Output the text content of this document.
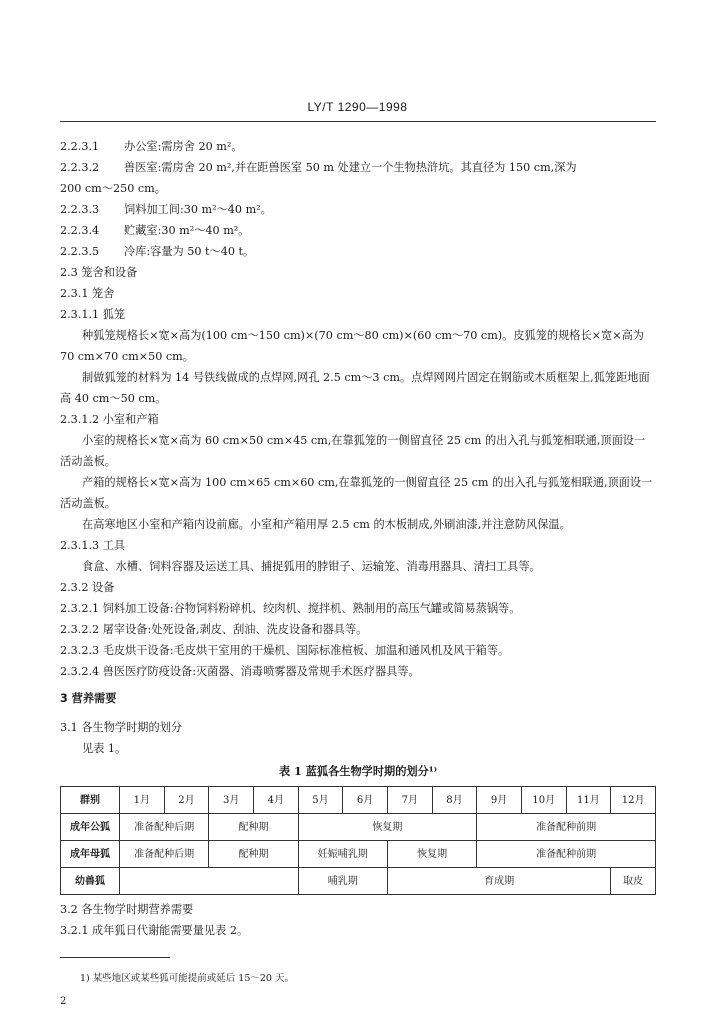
LY/T 1290—1998
2.2.3.1 办公室:需房舍 20 m²。
2.2.3.2 兽医室:需房舍 20 m²,并在距兽医室 50 m 处建立一个生物热浒坑。其直径为 150 cm,深为
200 cm～250 cm。
2.2.3.3 饲料加工间:30 m²～40 m²。
2.2.3.4 贮藏室:30 m²～40 m²。
2.2.3.5 冷库:容量为 50 t～40 t。
2.3 笼舍和设备
2.3.1 笼舍
2.3.1.1 狐笼
种狐笼规格长×宽×高为(100 cm～150 cm)×(70 cm～80 cm)×(60 cm～70 cm)。皮狐笼的规格长×宽×高为 70 cm×70 cm×50 cm。
制做狐笼的材料为 14 号铁线做成的点焊网,网孔 2.5 cm～3 cm。点焊网网片固定在钢筋或木质框架上,狐笼距地面高 40 cm～50 cm。
2.3.1.2 小室和产箱
小室的规格长×宽×高为 60 cm×50 cm×45 cm,在靠狐笼的一侧留直径 25 cm 的出入孔与狐笼相联通,顶面设一活动盖板。
产箱的规格长×宽×高为 100 cm×65 cm×60 cm,在靠狐笼的一侧留直径 25 cm 的出入孔与狐笼相联通,顶面设一活动盖板。
在高寒地区小室和产箱内设前廊。小室和产箱用厚 2.5 cm 的木板制成,外刷油漆,并注意防风保温。
2.3.1.3 工具
食盒、水槽、饲料容器及运送工具、捕捉狐用的脖钳子、运输笼、消毒用器具、清扫工具等。
2.3.2 设备
2.3.2.1 饲料加工设备:谷物饲料粉碎机、绞肉机、搅拌机、熟制用的高压气罐或简易蒸锅等。
2.3.2.2 屠宰设备:处死设备,剥皮、刮油、洗皮设备和器具等。
2.3.2.3 毛皮烘干设备:毛皮烘干室用的干燥机、国际标准楦板、加温和通风机及风干箱等。
2.3.2.4 兽医医疗防疫设备:灭菌器、消毒喷雾器及常规手术医疗器具等。
3 营养需要
3.1 各生物学时期的划分
见表 1。
表 1 蓝狐各生物学时期的划分¹⁾
群别	1月	2月	3月	4月	5月	6月	7月	8月	9月	10月	11月	12月
成年公狐	准备配种后期		配种期		恢复期				准备配种前期			
成年母狐	准备配种后期		配种期		妊娠哺乳期		恢复期		准备配种前期			
幼兽狐					哺乳期		育成期					取皮
3.2 各生物学时期营养需要
3.2.1 成年狐日代谢能需要量见表 2。
1) 某些地区或某些狐可能提前或延后 15～20 天。
2
